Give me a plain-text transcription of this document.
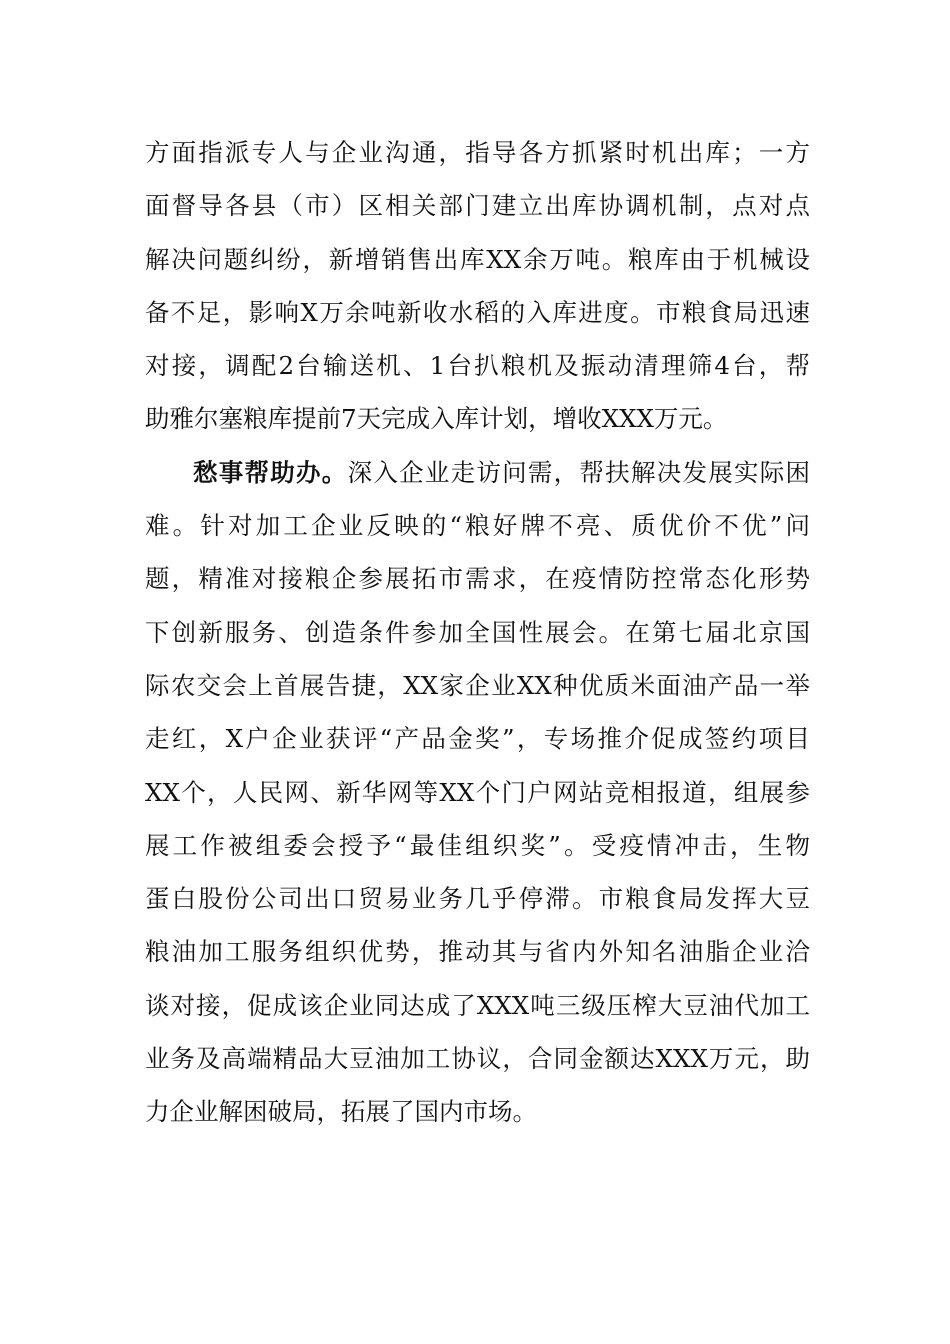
方面指派专人与企业沟通，指导各方抓紧时机出库；一方
面督导各县（市）区相关部门建立出库协调机制，点对点
解决问题纠纷，新增销售出库XX余万吨。粮库由于机械设
备不足，影响X万余吨新收水稻的入库进度。市粮食局迅速
对接，调配2台输送机、1台扒粮机及振动清理筛4台，帮
助雅尔塞粮库提前7天完成入库计划，增收XXX万元。
愁事帮助办。深入企业走访问需，帮扶解决发展实际困
难。针对加工企业反映的“粮好牌不亮、质优价不优”问
题，精准对接粮企参展拓市需求，在疫情防控常态化形势
下创新服务、创造条件参加全国性展会。在第七届北京国
际农交会上首展告捷，XX家企业XX种优质米面油产品一举
走红，X户企业获评“产品金奖”，专场推介促成签约项目
XX个，人民网、新华网等XX个门户网站竞相报道，组展参
展工作被组委会授予“最佳组织奖”。受疫情冲击，生物
蛋白股份公司出口贸易业务几乎停滞。市粮食局发挥大豆
粮油加工服务组织优势，推动其与省内外知名油脂企业洽
谈对接，促成该企业同达成了XXX吨三级压榨大豆油代加工
业务及高端精品大豆油加工协议，合同金额达XXX万元，助
力企业解困破局，拓展了国内市场。
